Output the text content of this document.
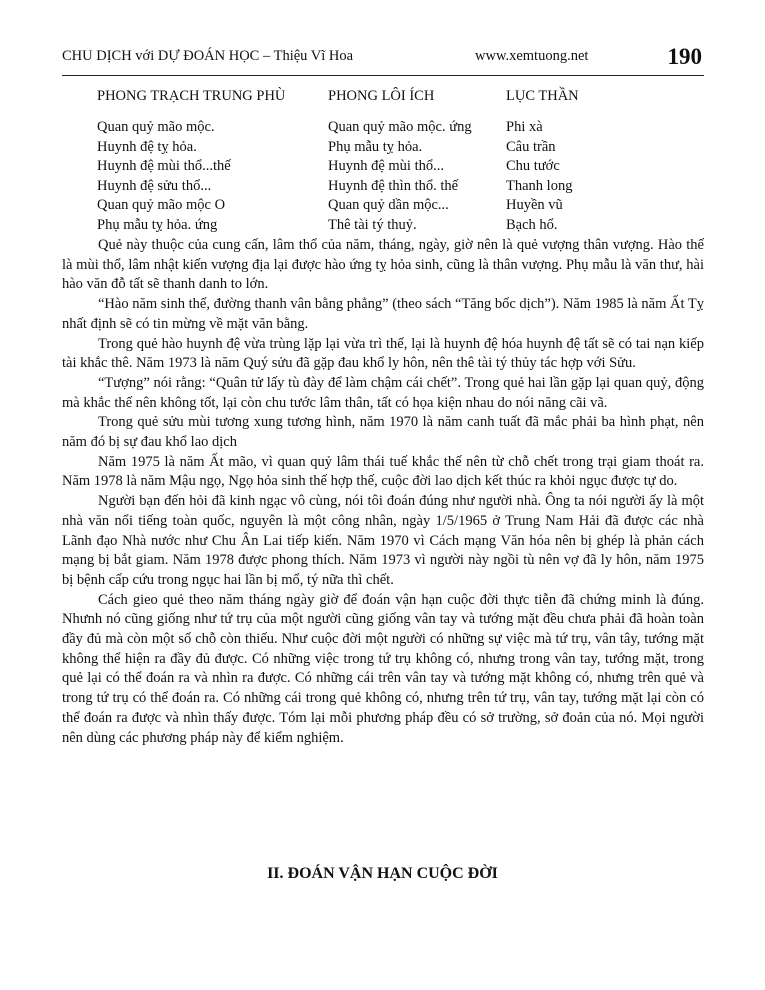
CHU DỊCH với DỰ ĐOÁN HỌC – Thiệu Vĩ Hoa	www.xemtuong.net	190
PHONG TRẠCH TRUNG PHÙ
Quan quỷ mão mộc.
Huynh đệ tỵ hỏa.
Huynh đệ mùi thổ...thế
Huynh đệ sửu thổ...
Quan quỷ mão mộc O
Phụ mẫu tỵ hỏa. ứng
PHONG LÔI ÍCH
Quan quỷ mão mộc. ứng
Phụ mẫu tỵ hỏa.
Huynh đệ mùi thổ...
Huynh đệ thìn thổ. thế
Quan quỷ dần mộc...
Thê tài tý thuỷ.
LỤC THẦN
Phi xà
Câu trần
Chu tước
Thanh long
Huyền vũ
Bạch hổ.

Quẻ này thuộc của cung cấn, lâm thổ của năm, tháng, ngày, giờ nên là quẻ vượng thân vượng. Hào thế là mùi thổ, lâm nhật kiến vượng địa lại được hào ứng tỵ hỏa sinh, cũng là thân vượng. Phụ mẫu là văn thư, hài hào văn đỗ tất sẽ thanh danh to lớn.

“Hào năm sinh thế, đường thanh vân bằng phẳng” (theo sách “Tăng bốc dịch”). Năm 1985 là năm Ất Tỵ nhất định sẽ có tin mừng về mặt văn bằng.

Trong quẻ hào huynh đệ vừa trùng lặp lại vừa trì thế, lại là huynh đệ hóa huynh đệ tất sẽ có tai nạn kiếp tài khắc thê. Năm 1973 là năm Quý sửu đã gặp đau khổ ly hôn, nên thê tài tý thủy tác hợp với Sửu.

“Tượng” nói rằng: “Quân tử lấy tù đày để làm chậm cái chết”. Trong quẻ hai lần gặp lại quan quỷ, động mà khắc thế nên không tốt, lại còn chu tước lâm thân, tất có họa kiện nhau do nói năng cãi vã.

Trong quẻ sửu mùi tương xung tương hình, năm 1970 là năm canh tuất đã mắc phải ba hình phạt, nên năm đó bị sự đau khổ lao dịch

Năm 1975 là năm Ất mão, vì quan quỷ lâm thái tuế khắc thế nên từ chỗ chết trong trại giam thoát ra. Năm 1978 là năm Mậu ngọ, Ngọ hỏa sinh thế hợp thế, cuộc đời lao dịch kết thúc ra khỏi ngục được tự do.

Người bạn đến hỏi đã kinh ngạc vô cùng, nói tôi đoán đúng như người nhà. Ông ta nói người ấy là một nhà văn nổi tiếng toàn quốc, nguyên là một công nhân, ngày 1/5/1965 ở Trung Nam Hải đã được các nhà Lãnh đạo Nhà nước như Chu Ân Lai tiếp kiến. Năm 1970 vì Cách mạng Văn hóa nên bị ghép là phản cách mạng bị bắt giam. Năm 1978 được phong thích. Năm 1973 vì người này ngồi tù nên vợ đã ly hôn, năm 1975 bị bệnh cấp cứu trong ngục hai lần bị mổ, tý nữa thì chết.

Cách gieo quẻ theo năm tháng ngày giờ để đoán vận hạn cuộc đời thực tiễn đã chứng minh là đúng. Nhưnh nó cũng giống như tứ trụ của một người cũng giống vân tay và tướng mặt đều chưa phải đã hoàn toàn đầy đủ mà còn một số chỗ còn thiếu. Như cuộc đời một người có những sự việc mà tứ trụ, vân tây, tướng mặt không thể hiện ra đầy đủ được. Có những việc trong tứ trụ không có, nhưng trong vân tay, tướng mặt, trong quẻ lại có thể đoán ra và nhìn ra được. Có những cái trên vân tay và tướng mặt không có, nhưng trên quẻ và trong tứ trụ có thể đoán ra. Có những cái trong quẻ không có, nhưng trên tứ trụ, vân tay, tướng mặt lại còn có thể đoán ra được và nhìn thấy được. Tóm lại mỗi phương pháp đều có sở trường, sở đoản của nó. Mọi người nên dùng các phương pháp này để kiểm nghiệm.

II. ĐOÁN VẬN HẠN CUỘC ĐỜI
